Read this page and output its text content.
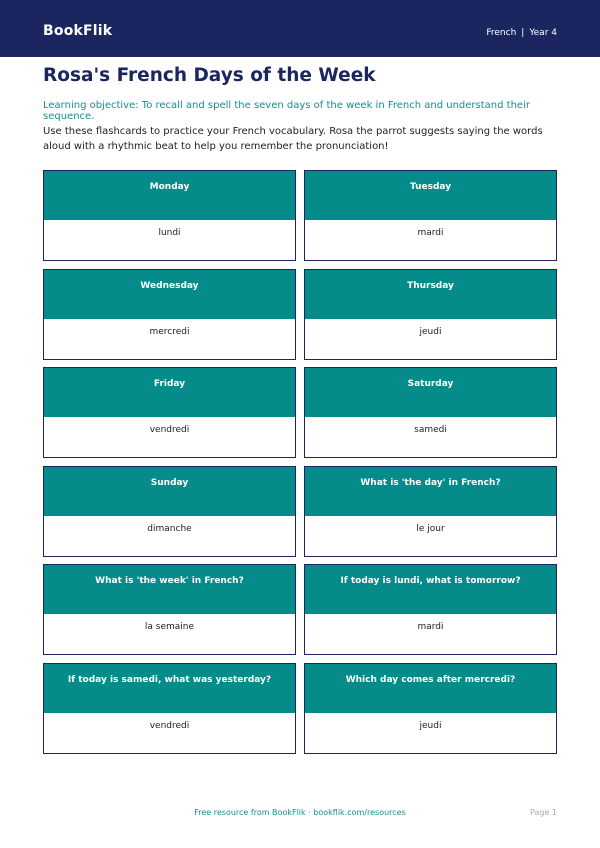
BookFlik	French | Year 4
Rosa's French Days of the Week

Learning objective: To recall and spell the seven days of the week in French and understand their sequence.

Use these flashcards to practice your French vocabulary. Rosa the parrot suggests saying the words aloud with a rhythmic beat to help you remember the pronunciation!

Monday
lundi
Tuesday
mardi
Wednesday
mercredi
Thursday
jeudi
Friday
vendredi
Saturday
samedi
Sunday
dimanche
What is 'the day' in French?
le jour
What is 'the week' in French?
la semaine
If today is lundi, what is tomorrow?
mardi
If today is samedi, what was yesterday?
vendredi
Which day comes after mercredi?
jeudi
Free resource from BookFlik · bookflik.com/resources	Page 1
